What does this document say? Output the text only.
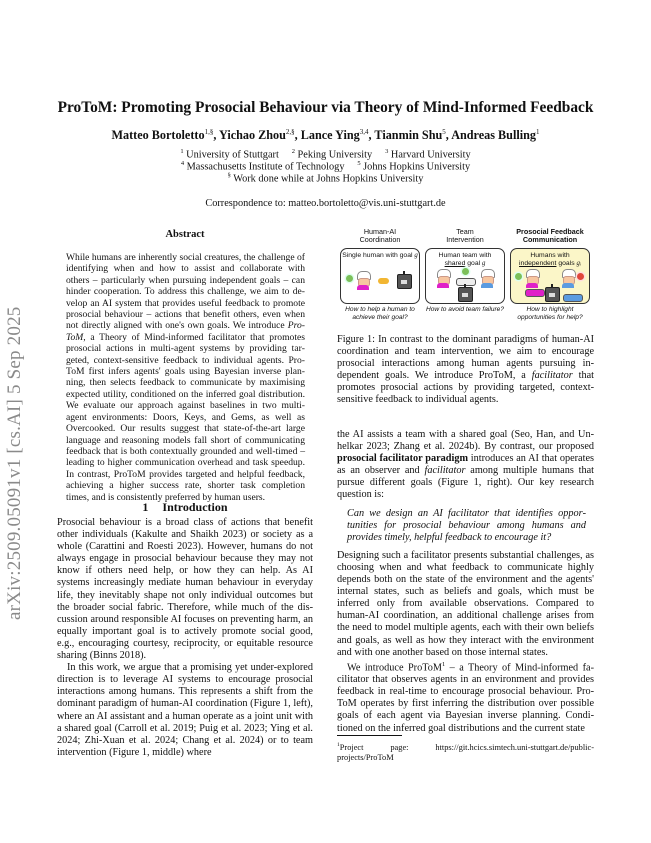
arXiv:2509.05091v1 [cs.AI] 5 Sep 2025
ProToM: Promoting Prosocial Behaviour via Theory of Mind-Informed Feedback
Matteo Bortoletto$^{1,\S}$, Yichao Zhou$^{2,\S}$, Lance Ying$^{3,4}$, Tianmin Shu$^5$, Andreas Bulling$^1$
$^1$ University of Stuttgart $^2$ Peking University $^3$ Harvard University
$^4$ Massachusetts Institute of Technology $^5$ Johns Hopkins University
§ Work done while at Johns Hopkins University
Correspondence to: matteo.bortoletto@vis.uni-stuttgart.de
Abstract
While humans are inherently social creatures, the challenge of identifying when and how to assist and collaborate with others – particularly when pursuing independent goals – can hinder cooperation. To address this challenge, we aim to develop an AI system that provides useful feedback to promote prosocial behaviour – actions that benefit others, even when not directly aligned with one's own goals. We introduce ProToM, a Theory of Mind-informed facilitator that promotes prosocial actions in multi-agent systems by providing targeted, context-sensitive feedback to individual agents. ProToM first infers agents' goals using Bayesian inverse planning, then selects feedback to communicate by maximising expected utility, conditioned on the inferred goal distribution. We evaluate our approach against baselines in two multi-agent environments: Doors, Keys, and Gems, as well as Overcooked. Our results suggest that state-of-the-art large language and reasoning models fall short of communicating feedback that is both contextually grounded and well-timed – leading to higher communication overhead and task speedup. In contrast, ProToM provides targeted and helpful feedback, achieving a higher success rate, shorter task completion times, and is consistently preferred by human users.
1 Introduction

Prosocial behaviour is a broad class of actions that benefit other individuals (Kakulte and Shaikh 2023) or society as a whole (Carattini and Roesti 2023). However, humans do not always engage in prosocial behaviour because they may not know if others need help, or how they can help. As AI systems increasingly mediate human behaviour in everyday life, they inevitably shape not only individual outcomes but the broader social fabric. Therefore, while much of the discussion around responsible AI focuses on preventing harm, an equally important goal is to actively promote social good, e.g., encouraging courtesy, reciprocity, or equitable resource sharing (Binns 2018).

In this work, we argue that a promising yet under-explored direction is to leverage AI systems to encourage prosocial interactions among humans. This represents a shift from the dominant paradigm of human-AI coordination (Figure 1, left), where an AI assistant and a human operate as a joint unit with a shared goal (Carroll et al. 2019; Puig et al. 2023; Ying et al. 2024; Zhi-Xuan et al. 2024; Chang et al. 2024) or to team intervention (Figure 1, middle) where

Human-AI Coordination
Single human with goal g
How to help a human to achieve their goal?
Team Intervention
Human team with
shared goal g
How to avoid team failure?
Prosocial Feedback Communication
Humans with
independent goals gᵢ
How to highlight opportunities for help?
Figure 1: In contrast to the dominant paradigms of human-AI coordination and team intervention, we aim to encourage prosocial interactions among human agents pursuing independent goals. We introduce ProToM, a facilitator that promotes prosocial actions by providing targeted, context-sensitive feedback to individual agents.

the AI assists a team with a shared goal (Seo, Han, and Unhelkar 2023; Zhang et al. 2024b). By contrast, our proposed prosocial facilitator paradigm introduces an AI that operates as an observer and facilitator among multiple humans that pursue different goals (Figure 1, right). Our key research question is:

Can we design an AI facilitator that identifies opportunities for prosocial behaviour among humans and provides timely, helpful feedback to encourage it?

Designing such a facilitator presents substantial challenges, as choosing when and what feedback to communicate highly depends both on the state of the environment and the agents' internal states, such as beliefs and goals, which must be inferred only from available observations. Compared to human-AI coordination, an additional challenge arises from the need to model multiple agents, each with their own beliefs and goals, as well as how they interact with the environment and with one another based on those internal states.

We introduce ProToM$^1$ – a Theory of Mind-informed facilitator that observes agents in an environment and provides feedback in real-time to encourage prosocial behaviour. ProToM operates by first inferring the distribution over possible goals of each agent via Bayesian inverse planning. Conditioned on the inferred goal distributions and the current state

$^1$Project page: https://git.hcics.simtech.uni-stuttgart.de/public-projects/ProToM
